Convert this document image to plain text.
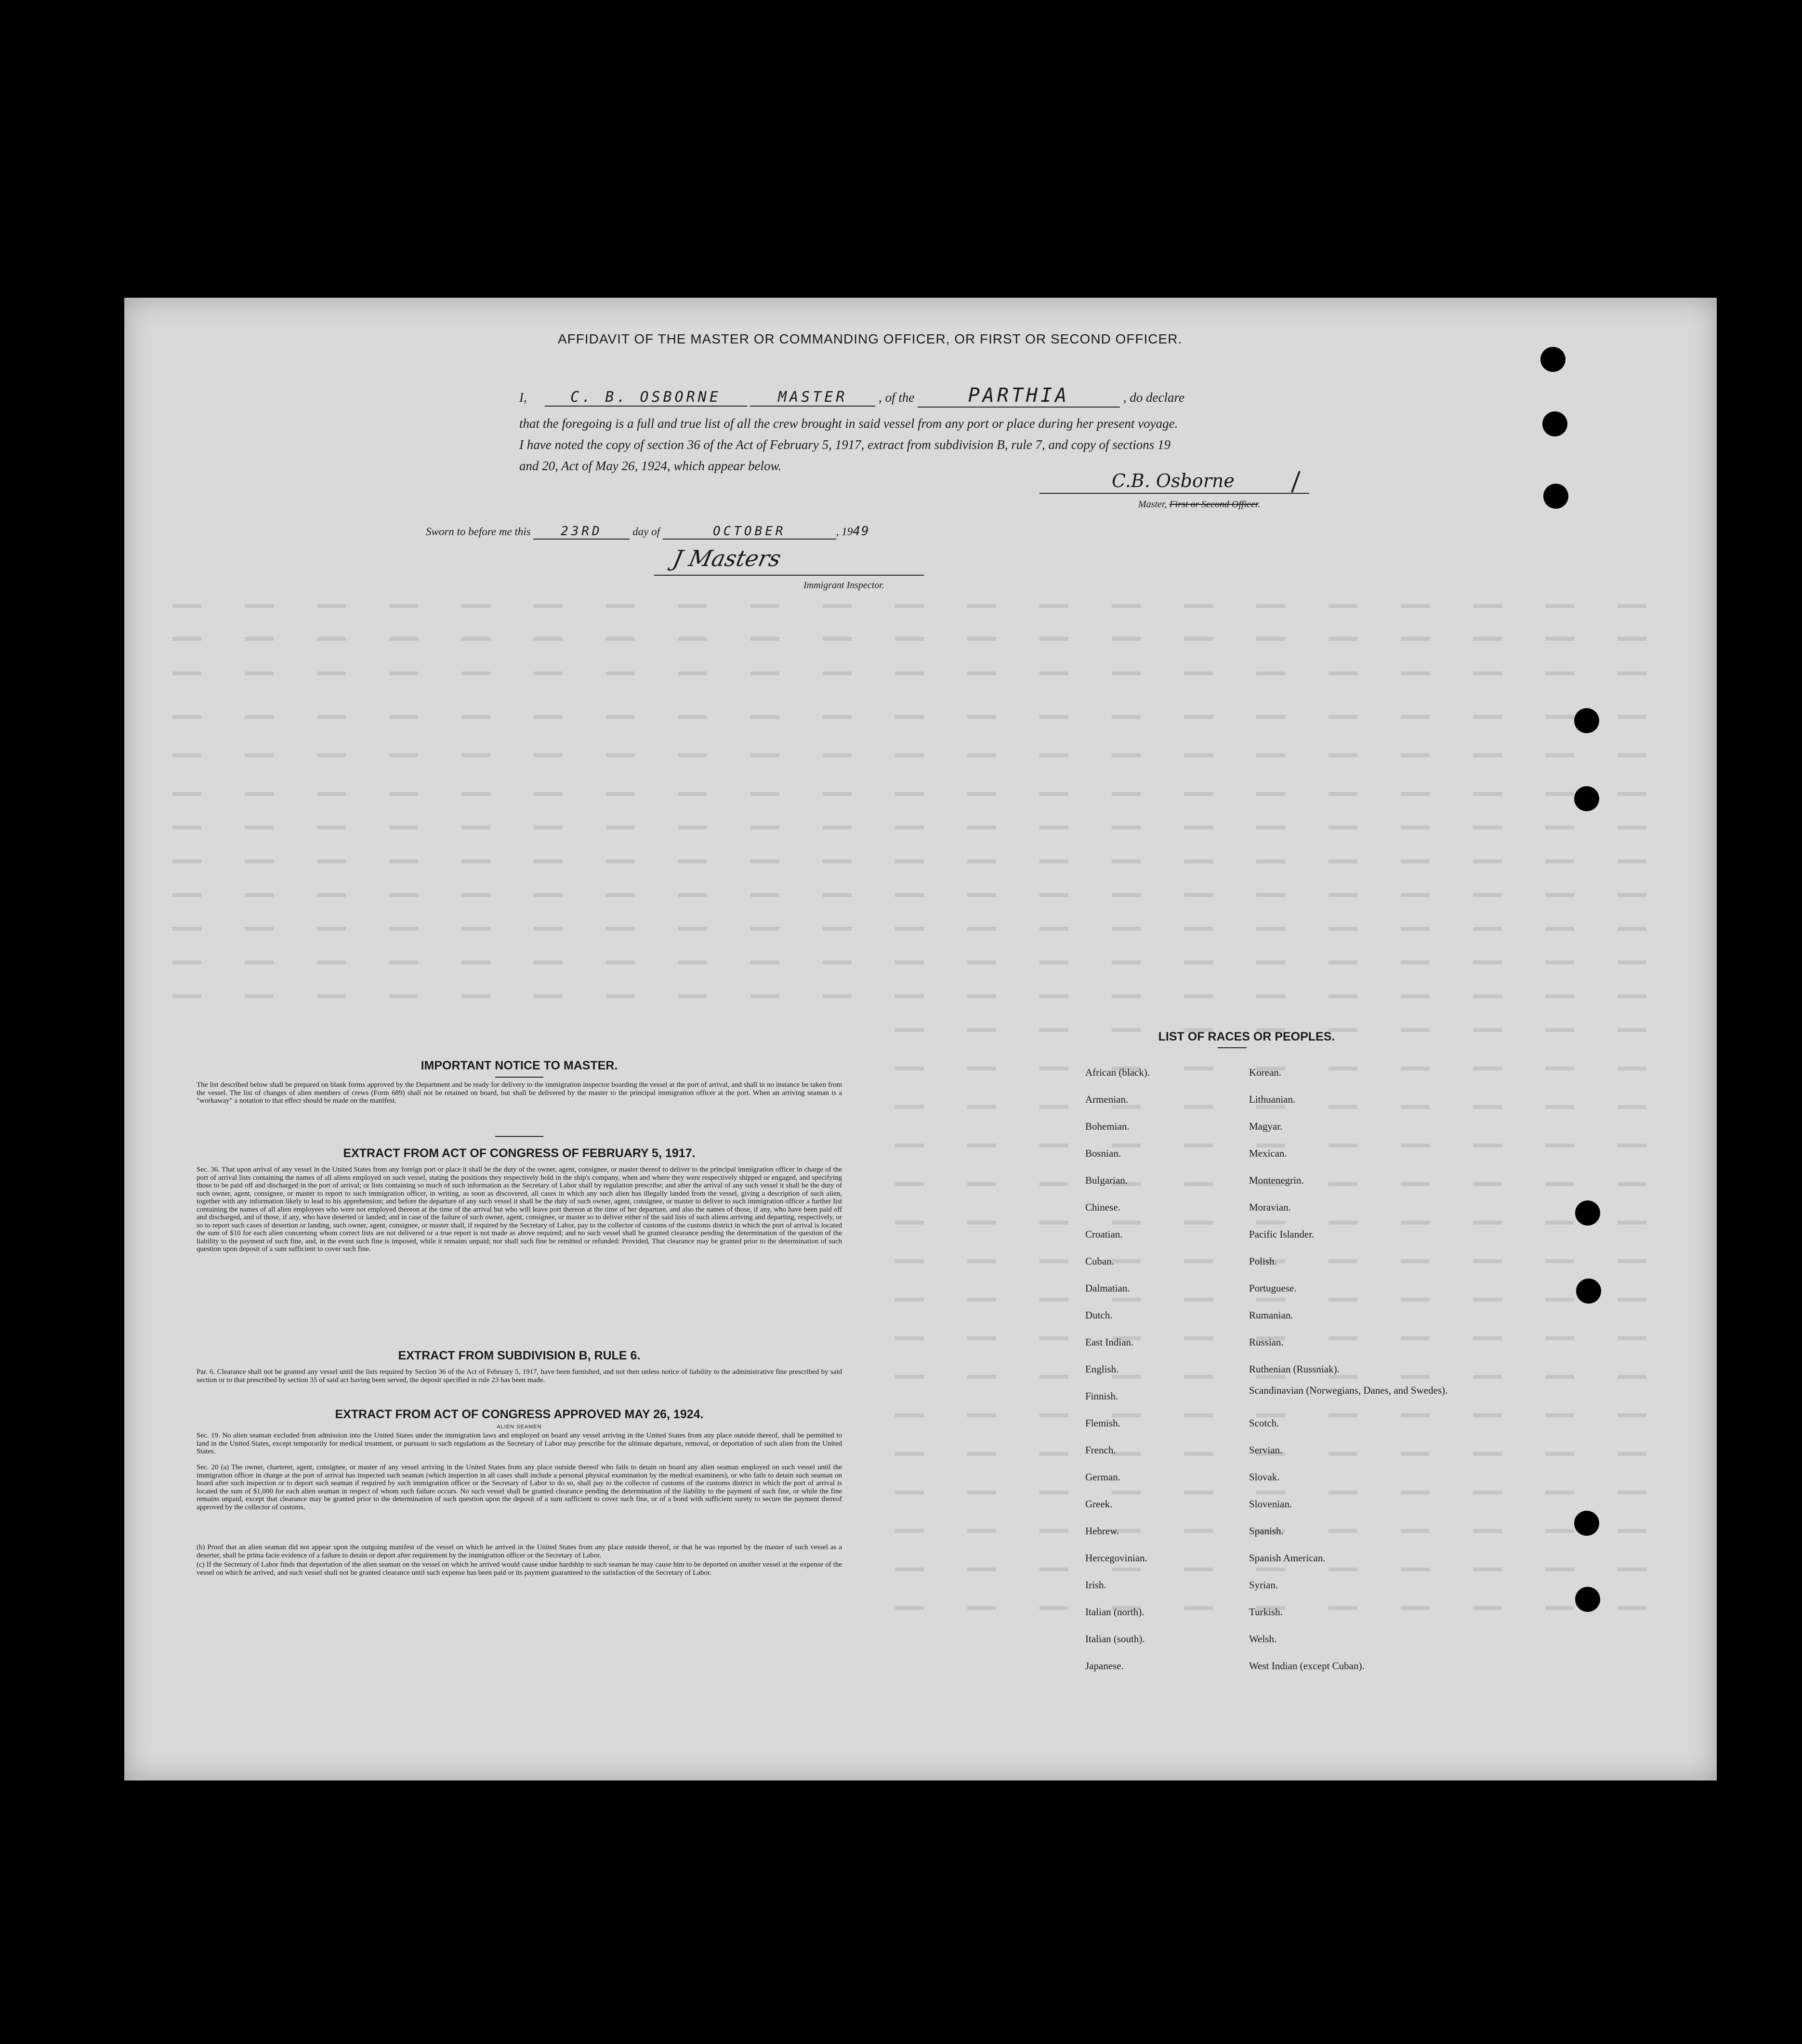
AFFIDAVIT OF THE MASTER OR COMMANDING OFFICER, OR FIRST OR SECOND OFFICER.
I,	C. B. OSBORNE	MASTER , of the	PARTHIA	, do declare
that the foregoing is a full and true list of all the crew brought in said vessel from any port or place during her present voyage.
I have noted the copy of section 36 of the Act of February 5, 1917, extract from subdivision B, rule 7, and copy of sections 19
and 20, Act of May 26, 1924, which appear below.
C.B. Osborne
Master, First or Second Officer.
Sworn to before me this 23RD	day of	OCTOBER	, 1949
J Masters
Immigrant Inspector.
IMPORTANT NOTICE TO MASTER.
The list described below shall be prepared on blank forms approved by the Department and be ready for delivery to the immigration inspector boarding the vessel at the port of arrival, and shall in no instance be taken from the vessel. The list of changes of alien members of crews (Form 689) shall not be retained on board, but shall be delivered by the master to the principal immigration officer at the port. When an arriving seaman is a "workaway" a notation to that effect should be made on the manifest.
EXTRACT FROM ACT OF CONGRESS OF FEBRUARY 5, 1917.
Sec. 36. That upon arrival of any vessel in the United States from any foreign port or place it shall be the duty of the owner, agent, consignee, or master thereof to deliver to the principal immigration officer in charge of the port of arrival lists containing the names of all aliens employed on such vessel, stating the positions they respectively hold in the ship's company, when and where they were respectively shipped or engaged, and specifying those to be paid off and discharged in the port of arrival; or lists containing so much of such information as the Secretary of Labor shall by regulation prescribe; and after the arrival of any such vessel it shall be the duty of such owner, agent, consignee, or master to report to such immigration officer, in writing, as soon as discovered, all cases in which any such alien has illegally landed from the vessel, giving a description of such alien, together with any information likely to lead to his apprehension; and before the departure of any such vessel it shall be the duty of such owner, agent, consignee, or master to deliver to such immigration officer a further list containing the names of all alien employees who were not employed thereon at the time of the arrival but who will leave port thereon at the time of her departure, and also the names of those, if any, who have been paid off and discharged, and of those, if any, who have deserted or landed; and in case of the failure of such owner, agent, consignee, or master so to deliver either of the said lists of such aliens arriving and departing, respectively, or so to report such cases of desertion or landing, such owner, agent, consignee, or master shall, if required by the Secretary of Labor, pay to the collector of customs of the customs district in which the port of arrival is located the sum of $10 for each alien concerning whom correct lists are not delivered or a true report is not made as above required; and no such vessel shall be granted clearance pending the determination of the question of the liability to the payment of such fine, and, in the event such fine is imposed, while it remains unpaid; nor shall such fine be remitted or refunded: Provided, That clearance may be granted prior to the determination of such question upon deposit of a sum sufficient to cover such fine.
EXTRACT FROM SUBDIVISION B, RULE 6.
Par. 6. Clearance shall not be granted any vessel until the lists required by Section 36 of the Act of February 5, 1917, have been furnished, and not then unless notice of liability to the administrative fine prescribed by said section or to that prescribed by section 35 of said act having been served, the deposit specified in rule 23 has been made.
EXTRACT FROM ACT OF CONGRESS APPROVED MAY 26, 1924.
ALIEN SEAMEN
Sec. 19. No alien seaman excluded from admission into the United States under the immigration laws and employed on board any vessel arriving in the United States from any place outside thereof, shall be permitted to land in the United States, except temporarily for medical treatment, or pursuant to such regulations as the Secretary of Labor may prescribe for the ultimate departure, removal, or deportation of such alien from the United States.
Sec. 20 (a) The owner, charterer, agent, consignee, or master of any vessel arriving in the United States from any place outside thereof who fails to detain on board any alien seaman employed on such vessel until the immigration officer in charge at the port of arrival has inspected such seaman (which inspection in all cases shall include a personal physical examination by the medical examiners), or who fails to detain such seaman on board after such inspection or to deport such seaman if required by such immigration officer or the Secretary of Labor to do so, shall pay to the collector of customs of the customs district in which the port of arrival is located the sum of $1,000 for each alien seaman in respect of whom such failure occurs. No such vessel shall be granted clearance pending the determination of the liability to the payment of such fine, or while the fine remains unpaid, except that clearance may be granted prior to the determination of such question upon the deposit of a sum sufficient to cover such fine, or of a bond with sufficient surety to secure the payment thereof approved by the collector of customs.
(b) Proof that an alien seaman did not appear upon the outgoing manifest of the vessel on which he arrived in the United States from any place outside thereof, or that he was reported by the master of such vessel as a deserter, shall be prima facie evidence of a failure to detain or deport after requirement by the immigration officer or the Secretary of Labor.
(c) If the Secretary of Labor finds that deportation of the alien seaman on the vessel on which he arrived would cause undue hardship to such seaman he may cause him to be deported on another vessel at the expense of the vessel on which he arrived, and such vessel shall not be granted clearance until such expense has been paid or its payment guaranteed to the satisfaction of the Secretary of Labor.
LIST OF RACES OR PEOPLES.
African (black).
Armenian.
Bohemian.
Bosnian.
Bulgarian.
Chinese.
Croatian.
Cuban.
Dalmatian.
Dutch.
East Indian.
English.
Finnish.
Flemish.
French.
German.
Greek.
Hebrew.
Hercegovinian.
Irish.
Italian (north).
Italian (south).
Japanese.
Korean.
Lithuanian.
Magyar.
Mexican.
Montenegrin.
Moravian.
Pacific Islander.
Polish.
Portuguese.
Rumanian.
Russian.
Ruthenian (Russniak).
Scandinavian (Norwegians, Danes, and Swedes).
Scotch.
Servian.
Slovak.
Slovenian.
Spanish.
Spanish American.
Syrian.
Turkish.
Welsh.
West Indian (except Cuban).
